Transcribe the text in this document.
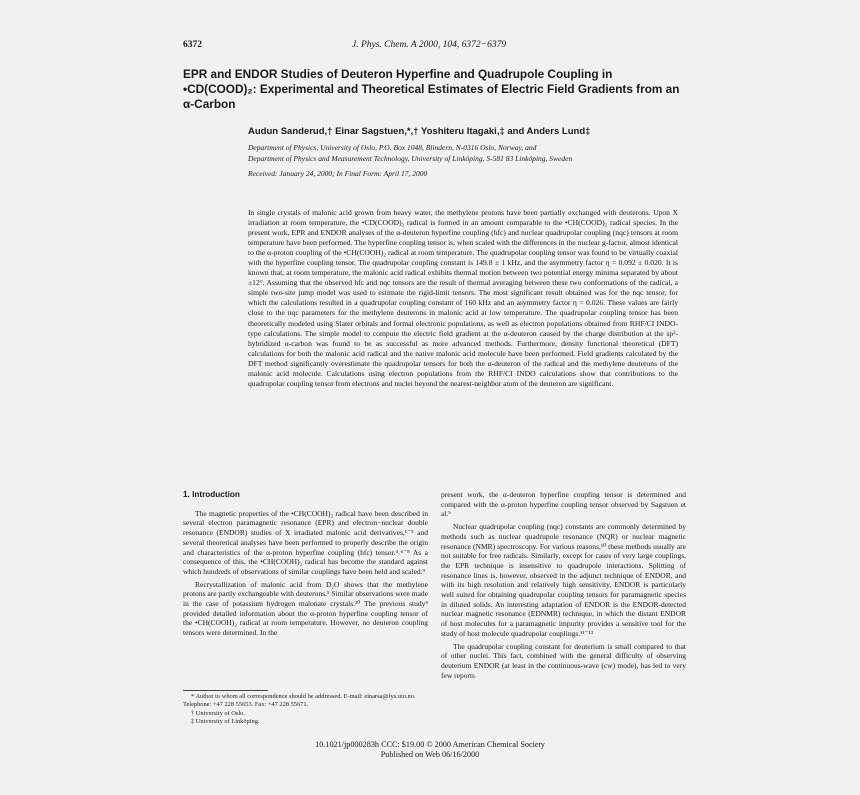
6372	J. Phys. Chem. A 2000, 104, 6372−6379
EPR and ENDOR Studies of Deuteron Hyperfine and Quadrupole Coupling in •CD(COOD)₂: Experimental and Theoretical Estimates of Electric Field Gradients from an α-Carbon
Audun Sanderud,† Einar Sagstuen,*,† Yoshiteru Itagaki,‡ and Anders Lund‡
Department of Physics, University of Oslo, P.O. Box 1048, Blindern, N-0316 Oslo, Norway, and
Department of Physics and Measurement Technology, University of Linköping, S-581 83 Linköping, Sweden
Received: January 24, 2000; In Final Form: April 17, 2000
In single crystals of malonic acid grown from heavy water, the methylene protons have been partially exchanged with deuterons. Upon X irradiation at room temperature, the •CD(COOD)₂ radical is formed in an amount comparable to the •CH(COOD)₂ radical species. In the present work, EPR and ENDOR analyses of the α-deuteron hyperfine coupling (hfc) and nuclear quadrupolar coupling (nqc) tensors at room temperature have been performed. The hyperfine coupling tensor is, when scaled with the differences in the nuclear g-factor, almost identical to the α-proton coupling of the •CH(COOH)₂ radical at room temperature. The quadrupolar coupling tensor was found to be virtually coaxial with the hyperfine coupling tensor. The quadrupolar coupling constant is 149.8 ± 1 kHz, and the asymmetry factor η = 0.092 ± 0.020. It is known that, at room temperature, the malonic acid radical exhibits thermal motion between two potential energy minima separated by about ±12°. Assuming that the observed hfc and nqc tensors are the result of thermal averaging between these two conformations of the radical, a simple two-site jump model was used to estimate the rigid-limit tensors. The most significant result obtained was for the nqc tensor, for which the calculations resulted in a quadrupolar coupling constant of 160 kHz and an asymmetry factor η = 0.026. These values are fairly close to the nqc parameters for the methylene deuterons in malonic acid at low temperature. The quadrupolar coupling tensor has been theoretically modeled using Slater orbitals and formal electronic populations, as well as electron populations obtained from RHF/CI INDO-type calculations. The simple model to compute the electric field gradient at the α-deuteron caused by the charge distribution at the sp²-hybridized α-carbon was found to be as successful as more advanced methods. Furthermore, density functional theoretical (DFT) calculations for both the malonic acid radical and the native malonic acid molecule have been performed. Field gradients calculated by the DFT method significantly overestimate the quadrupolar tensors for both the α-deuteron of the radical and the methylene deuterons of the malonic acid molecule. Calculations using electron populations from the RHF/CI INDO calculations show that contributions to the quadrupolar coupling tensor from electrons and nuclei beyond the nearest-neighbor atom of the deuteron are significant.
1. Introduction

The magnetic properties of the •CH(COOH)₂ radical have been described in several electron paramagnetic resonance (EPR) and electron−nuclear double resonance (ENDOR) studies of X irradiated malonic acid derivatives,¹⁻⁵ and several theoretical analyses have been performed to properly describe the origin and characteristics of the α-proton hyperfine coupling (hfc) tensor.⁴˒⁶⁻⁸ As a consequence of this, the •CH(COOH)₂ radical has become the standard against which hundreds of observations of similar couplings have been held and scaled.⁹

Recrystallization of malonic acid from D₂O shows that the methylene protons are partly exchangeable with deuterons.⁵ Similar observations were made in the case of potassium hydrogen malonate crystals.¹⁰ The previous study⁵ provided detailed information about the α-proton hyperfine coupling tensor of the •CH(COOH)₂ radical at room temperature. However, no deuteron coupling tensors were determined. In the

present work, the α-deuteron hyperfine coupling tensor is determined and compared with the α-proton hyperfine coupling tensor observed by Sagstuen et al.⁵

Nuclear quadrupolar coupling (nqc) constants are commonly determined by methods such as nuclear quadrupole resonance (NQR) or nuclear magnetic resonance (NMR) spectroscopy. For various reasons,¹⁰ these methods usually are not suitable for free radicals. Similarly, except for cases of very large couplings, the EPR technique is insensitive to quadrupole interactions. Splitting of resonance lines is, however, observed in the adjunct technique of ENDOR, and with its high resolution and relatively high sensitivity, ENDOR is particularly well suited for obtaining quadrupolar coupling tensors for paramagnetic species in diluted solids. An interesting adaptation of ENDOR is the ENDOR-detected nuclear magnetic resonance (EDNMR) technique, in which the distant ENDOR of host molecules for a paramagnetic impurity provides a sensitive tool for the study of host molecule quadrupolar couplings.¹¹⁻¹³

The quadrupolar coupling constant for deuterium is small compared to that of other nuclei. This fact, combined with the general difficulty of observing deuterium ENDOR (at least in the continuous-wave (cw) mode), has led to very few reports

* Author to whom all correspondence should be addressed. E-mail: einarsa@fys.uio.no. Telephone: +47 228 55653. Fax: +47 228 55671.
† University of Oslo.
‡ University of Linköping.
10.1021/jp000283h CCC: $19.00 © 2000 American Chemical Society
Published on Web 06/16/2000
